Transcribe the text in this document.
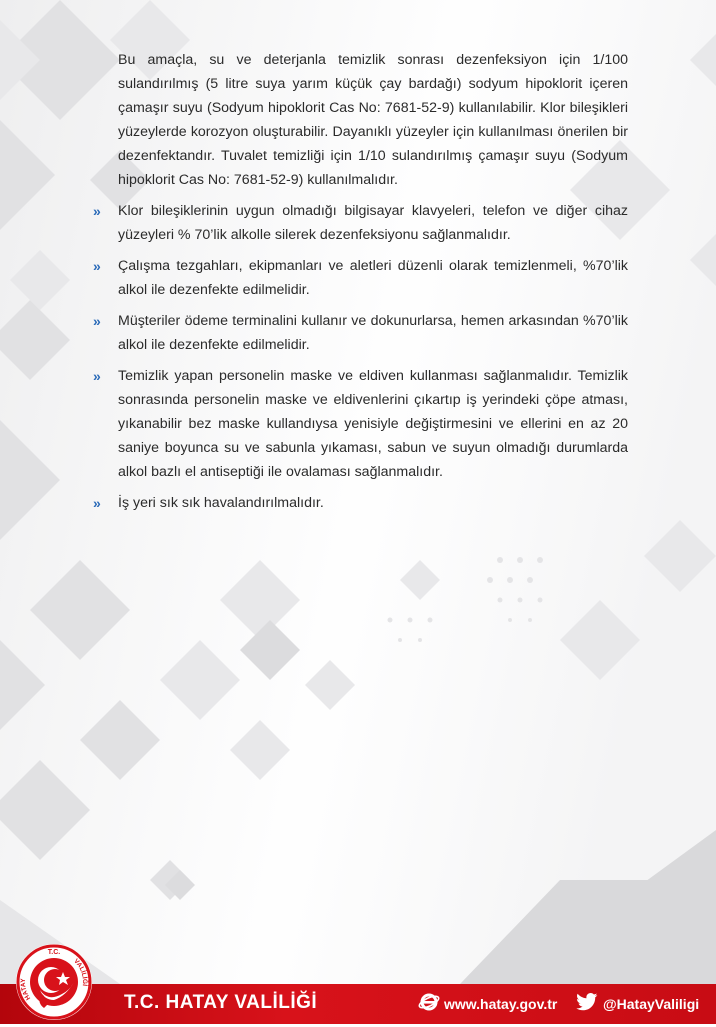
Bu amaçla, su ve deterjanla temizlik sonrası dezenfeksiyon için 1/100 sulandırılmış (5 litre suya yarım küçük çay bardağı) sodyum hipoklorit içeren çamaşır suyu (Sodyum hipoklorit Cas No: 7681-52-9) kullanılabilir. Klor bileşikleri yüzeylerde korozyon oluşturabilir. Dayanıklı yüzeyler için kullanılması önerilen bir dezenfektandır. Tuvalet temizliği için 1/10 sulandırılmış çamaşır suyu (Sodyum hipoklorit Cas No: 7681-52-9) kullanılmalıdır.

» Klor bileşiklerinin uygun olmadığı bilgisayar klavyeleri, telefon ve diğer cihaz yüzeyleri % 70’lik alkolle silerek dezenfeksiyonu sağlanmalıdır.
» Çalışma tezgahları, ekipmanları ve aletleri düzenli olarak temizlenmeli, %70’lik alkol ile dezenfekte edilmelidir.
» Müşteriler ödeme terminalini kullanır ve dokunurlarsa, hemen arkasından %70’lik alkol ile dezenfekte edilmelidir.
» Temizlik yapan personelin maske ve eldiven kullanması sağlanmalıdır. Temizlik sonrasında personelin maske ve eldivenlerini çıkartıp iş yerindeki çöpe atması, yıkanabilir bez maske kullandıysa yenisiyle değiştirmesini ve ellerini en az 20 saniye boyunca su ve sabunla yıkaması, sabun ve suyun olmadığı durumlarda alkol bazlı el antiseptiği ile ovalaması sağlanmalıdır.
» İş yeri sık sık havalandırılmalıdır.
T.C. HATAY VALİLİĞİ	www.hatay.gov.tr	@HatayValiligi
T.C.
HATAY
VALİLİĞİ
